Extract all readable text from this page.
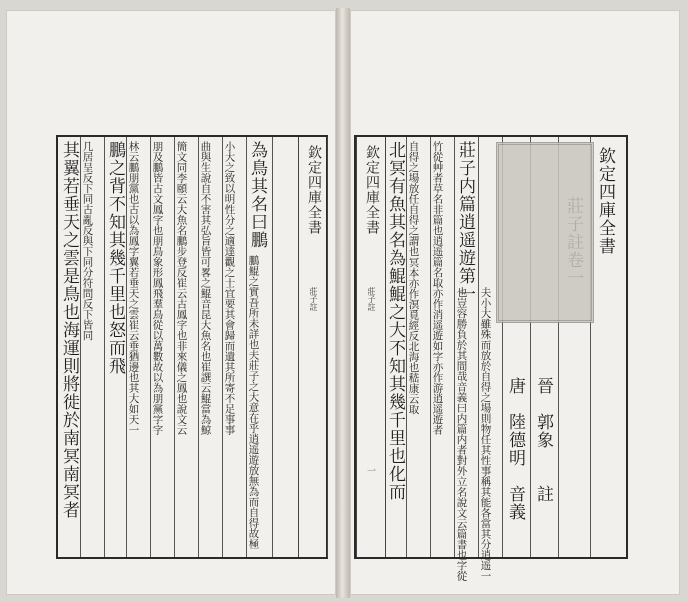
其翼若垂天之雲是鳥也海運則將徙於南冥南冥者 几居呈反下同古亂反與下同
分符問反下皆同 鵬之背不知其幾千里也怒而飛 林云鵬朋黨也古以為鳳字翼若垂
天之雲崔云垂猶邊也其大如天一
朋及鵬皆古文鳳字也朋鳥象形鳳
飛羣鳥從以萬數故以為朋黨字字
簡文同李頤云大魚名鵬步登反崔
云古鳳字也非來儀之鳳也說文云
曲與生說自不害其弘旨皆可畧之
鯤音昆大魚名也崔譔云鯤當為鯨
小大之致以明性分之適達觀之士
宜要其會歸而遺其所寄不足事事
為鳥其名曰鵬
鵬鯤之實吾所未詳也夫莊子之大
意在乎逍遥遊放無為而自得故極
欽定四庫全書
莊子註
欽定四庫全書
莊子註
一 北冥有魚其名為鯤鯤之大不知其幾千里也化而 自得之場放任自得之謂也
冥本亦作溟覓經反北海也嵇康云取
竹從艸者草名非篇也逍遥篇名取
亦作消遥遊如字亦作游逍遥遊者 也豈容勝負於其間哉音義曰内篇
内者對外立名說文云篇書也字從
莊子内篇逍遥遊第一
夫小大雖殊而放於自得之場則物
任其性事稱其能各當其分逍遥一 唐　陸德明　音義 晉　郭象　　註
欽定四庫全書
